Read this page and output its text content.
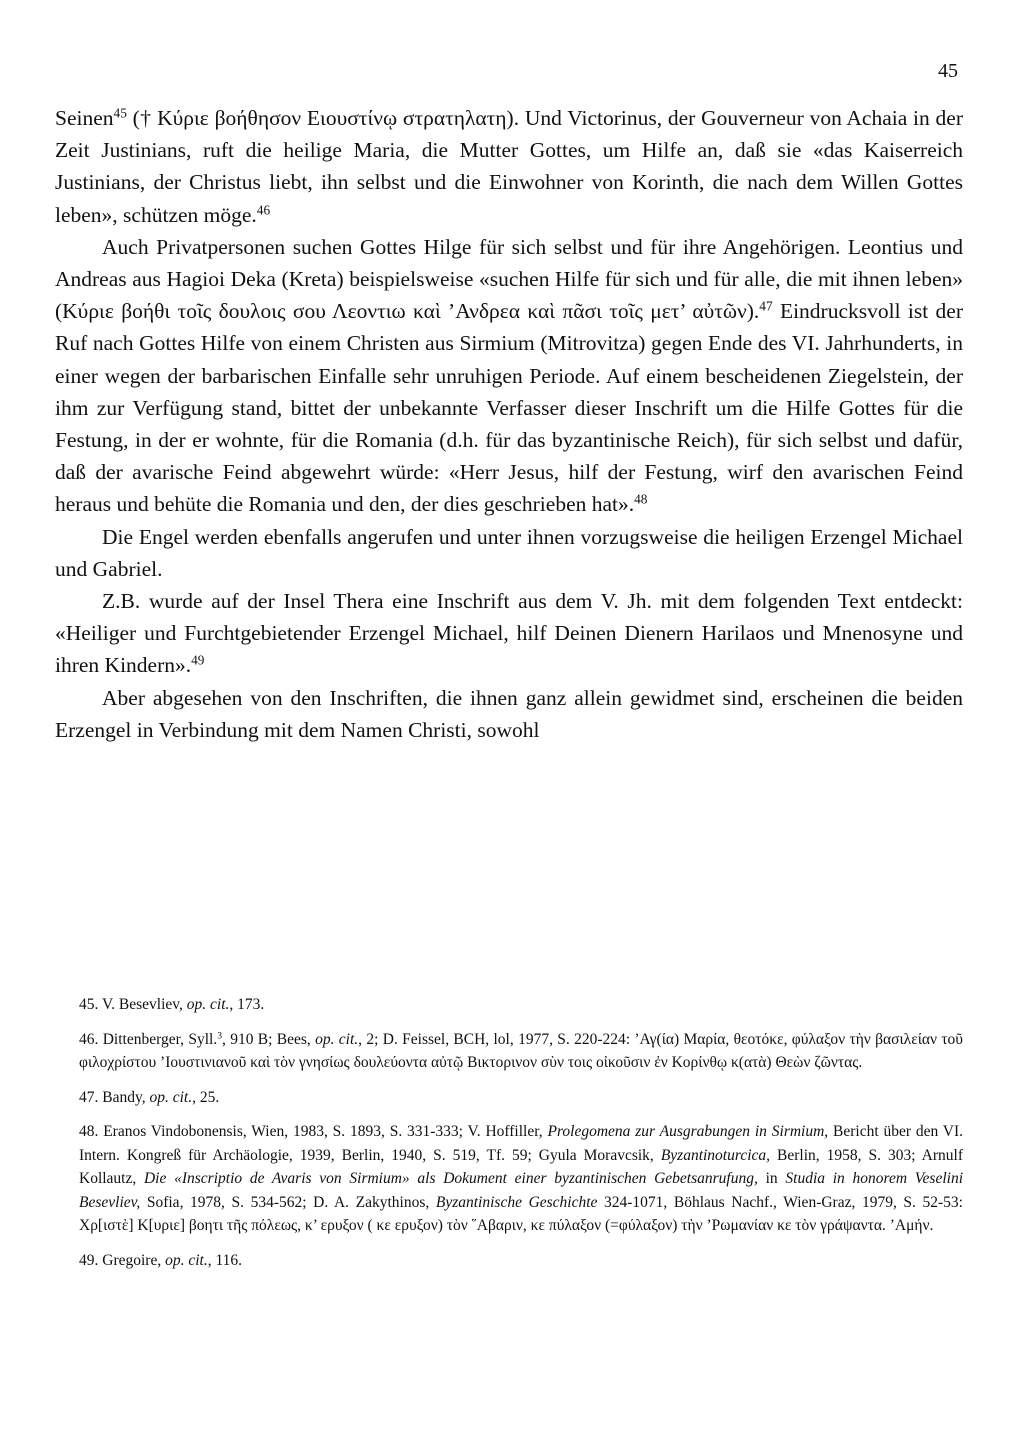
45

Seinen$^{45}$ († Κύριε βοήθησον Ειουστίνῳ στρατηλατη). Und Victorinus, der Gouverneur von Achaia in der Zeit Justinians, ruft die heilige Maria, die Mutter Gottes, um Hilfe an, daß sie «das Kaiserreich Justinians, der Christus liebt, ihn selbst und die Einwohner von Korinth, die nach dem Willen Gottes leben», schützen möge.$^{46}$

Auch Privatpersonen suchen Gottes Hilge für sich selbst und für ihre Angehörigen. Leontius und Andreas aus Hagioi Deka (Kreta) beispielsweise «suchen Hilfe für sich und für alle, die mit ihnen leben» (Κύριε βοήθι τοῖς δουλοις σου Λεοντιω καὶ ’Ανδρεα καὶ πᾶσι τοῖς μετ’ αὐτῶν).$^{47}$ Eindrucksvoll ist der Ruf nach Gottes Hilfe von einem Christen aus Sirmium (Mitrovitza) gegen Ende des VI. Jahrhunderts, in einer wegen der barbarischen Einfalle sehr unruhigen Periode. Auf einem bescheidenen Ziegelstein, der ihm zur Verfügung stand, bittet der unbekannte Verfasser dieser Inschrift um die Hilfe Gottes für die Festung, in der er wohnte, für die Romania (d.h. für das byzantinische Reich), für sich selbst und dafür, daß der avarische Feind abgewehrt würde: «Herr Jesus, hilf der Festung, wirf den avarischen Feind heraus und behüte die Romania und den, der dies geschrieben hat».$^{48}$

Die Engel werden ebenfalls angerufen und unter ihnen vorzugsweise die heiligen Erzengel Michael und Gabriel.

Z.B. wurde auf der Insel Thera eine Inschrift aus dem V. Jh. mit dem folgenden Text entdeckt: «Heiliger und Furchtgebietender Erzengel Michael, hilf Deinen Dienern Harilaos und Mnenosyne und ihren Kindern».$^{49}$

Aber abgesehen von den Inschriften, die ihnen ganz allein gewidmet sind, erscheinen die beiden Erzengel in Verbindung mit dem Namen Christi, sowohl

45. V. Besevliev, op. cit., 173.

46. Dittenberger, Syll.$^3$, 910 B; Bees, op. cit., 2; D. Feissel, BCH, lol, 1977, S. 220-224: ’Αγ(ία) Μαρία, θεοτόκε, φύλαξον τὴν βασιλείαν τοῦ φιλοχρίστου ’Ιουστινιανοῦ καὶ τὸν γνησίως δουλεύοντα αὐτῷ Βικτορινον σὺν τοις οἰκοῦσιν ἐν Κορίνθῳ κ(ατὰ) Θεὼν ζῶντας.

47. Bandy, op. cit., 25.

48. Eranos Vindobonensis, Wien, 1983, S. 1893, S. 331-333; V. Hoffiller, Prolegomena zur Ausgrabungen in Sirmium, Bericht über den VI. Intern. Kongreß für Archäologie, 1939, Berlin, 1940, S. 519, Tf. 59; Gyula Moravcsik, Byzantinoturcica, Berlin, 1958, S. 303; Arnulf Kollautz, Die «Inscriptio de Avaris von Sirmium» als Dokument einer byzantinischen Gebetsanrufung, in Studia in honorem Veselini Besevliev, Sofia, 1978, S. 534-562; D. A. Zakythinos, Byzantinische Geschichte 324-1071, Böhlaus Nachf., Wien-Graz, 1979, S. 52-53: Χρ[ιστὲ] Κ[υριε] βοητι τῆς πόλεως, κ’ ερυξον ( κε ερυξον) τὸν ῞Αβαριν, κε πύλαξον (=φύλαξον) τὴν ’Ρωμανίαν κε τὸν γράψαντα. ’Αμήν.

49. Gregoire, op. cit., 116.
